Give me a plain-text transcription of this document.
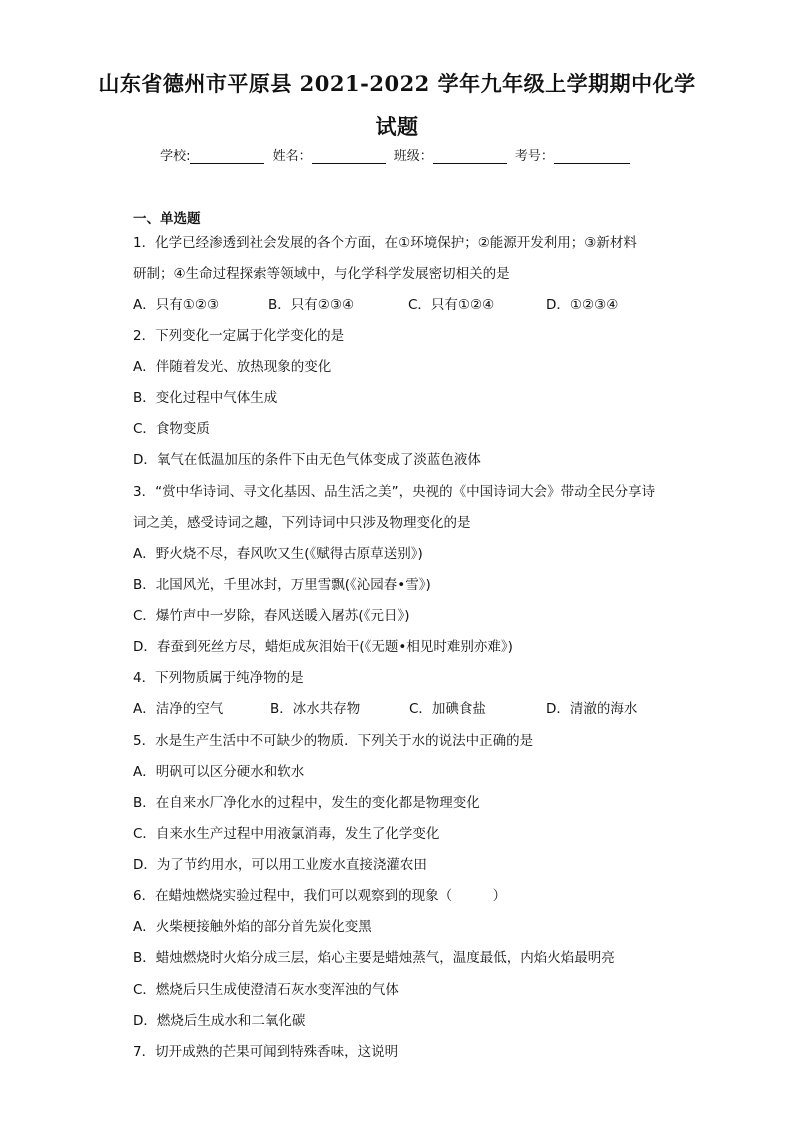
山东省德州市平原县 2021-2022 学年九年级上学期期中化学
试题
学校:	姓名：	班级：	考号：
一、单选题
1．化学已经渗透到社会发展的各个方面，在①环境保护；②能源开发利用；③新材料
研制；④生命过程探索等领域中，与化学科学发展密切相关的是
A．只有①②③	B．只有②③④	C．只有①②④	D．①②③④
2．下列变化一定属于化学变化的是
A．伴随着发光、放热现象的变化
B．变化过程中气体生成
C．食物变质
D．氧气在低温加压的条件下由无色气体变成了淡蓝色液体
3．“赏中华诗词、寻文化基因、品生活之美”，央视的《中国诗词大会》带动全民分享诗
词之美，感受诗词之趣，下列诗词中只涉及物理变化的是
A．野火烧不尽，春风吹又生(《赋得古原草送别》)
B．北国风光，千里冰封，万里雪飘(《沁园春•雪》)
C．爆竹声中一岁除，春风送暖入屠苏(《元日》)
D．春蚕到死丝方尽，蜡炬成灰泪始干(《无题•相见时难别亦难》)
4．下列物质属于纯净物的是
A．洁净的空气	B．冰水共存物	C．加碘食盐	D．清澈的海水
5．水是生产生活中不可缺少的物质．下列关于水的说法中正确的是
A．明矾可以区分硬水和软水
B．在自来水厂净化水的过程中，发生的变化都是物理变化
C．自来水生产过程中用液氯消毒，发生了化学变化
D．为了节约用水，可以用工业废水直接浇灌农田
6．在蜡烛燃烧实验过程中，我们可以观察到的现象（　　　）
A．火柴梗接触外焰的部分首先炭化变黑
B．蜡烛燃烧时火焰分成三层，焰心主要是蜡烛蒸气，温度最低，内焰火焰最明亮
C．燃烧后只生成使澄清石灰水变浑浊的气体
D．燃烧后生成水和二氧化碳
7．切开成熟的芒果可闻到特殊香味，这说明
